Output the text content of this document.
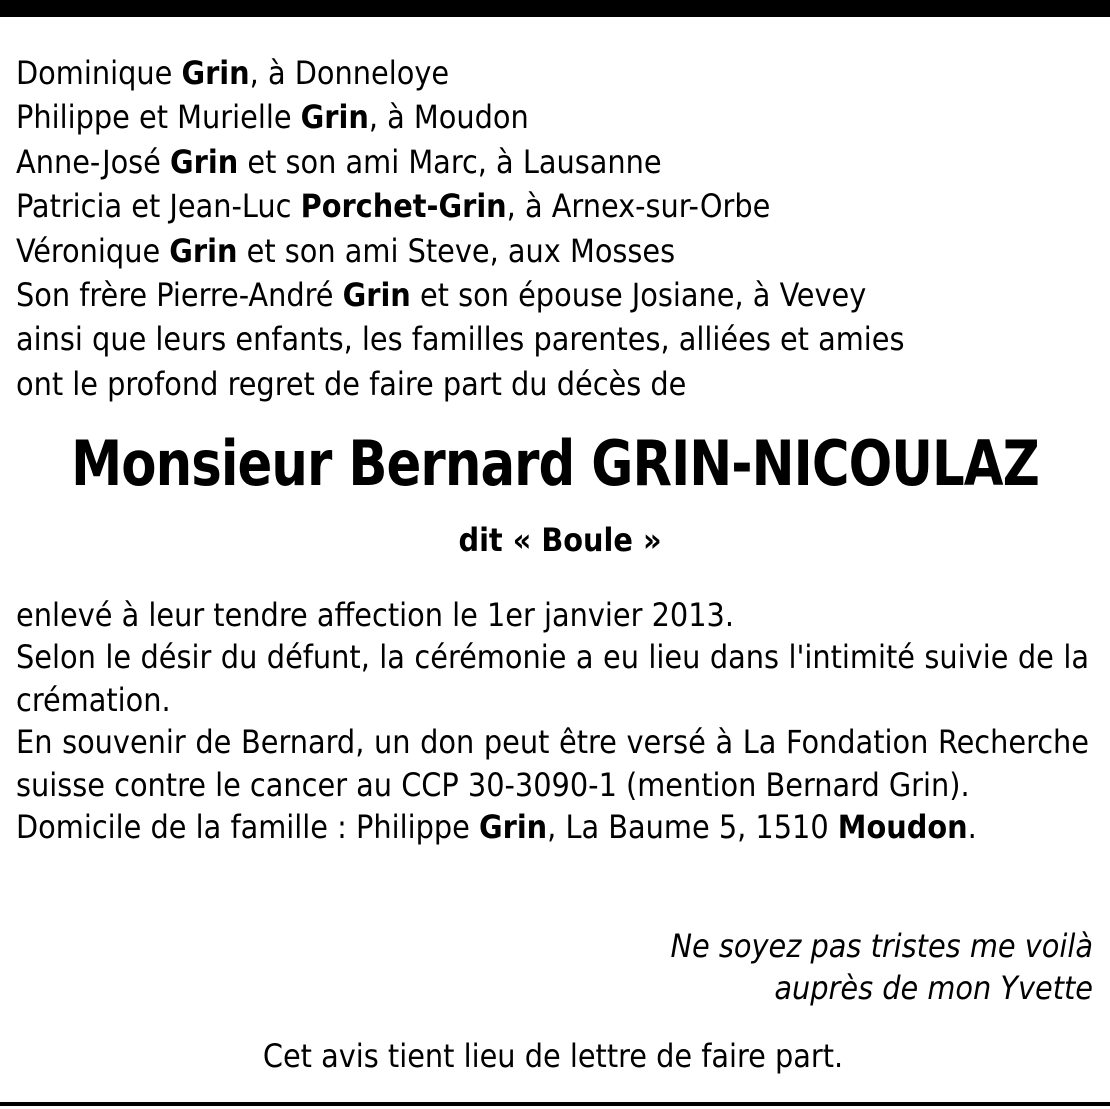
Dominique Grin, à Donneloye
Philippe et Murielle Grin, à Moudon
Anne-José Grin et son ami Marc, à Lausanne
Patricia et Jean-Luc Porchet-Grin, à Arnex-sur-Orbe
Véronique Grin et son ami Steve, aux Mosses
Son frère Pierre-André Grin et son épouse Josiane, à Vevey
ainsi que leurs enfants, les familles parentes, alliées et amies
ont le profond regret de faire part du décès de
Monsieur Bernard GRIN-NICOULAZ
dit « Boule »

enlevé à leur tendre affection le 1er janvier 2013.

Selon le désir du défunt, la cérémonie a eu lieu dans l'intimité suivie de la crémation.

En souvenir de Bernard, un don peut être versé à La Fondation Recherche suisse contre le cancer au CCP 30-3090-1 (mention Bernard Grin).

Domicile de la famille : Philippe Grin, La Baume 5, 1510 Moudon.

Ne soyez pas tristes me voilà
auprès de mon Yvette
Cet avis tient lieu de lettre de faire part.
